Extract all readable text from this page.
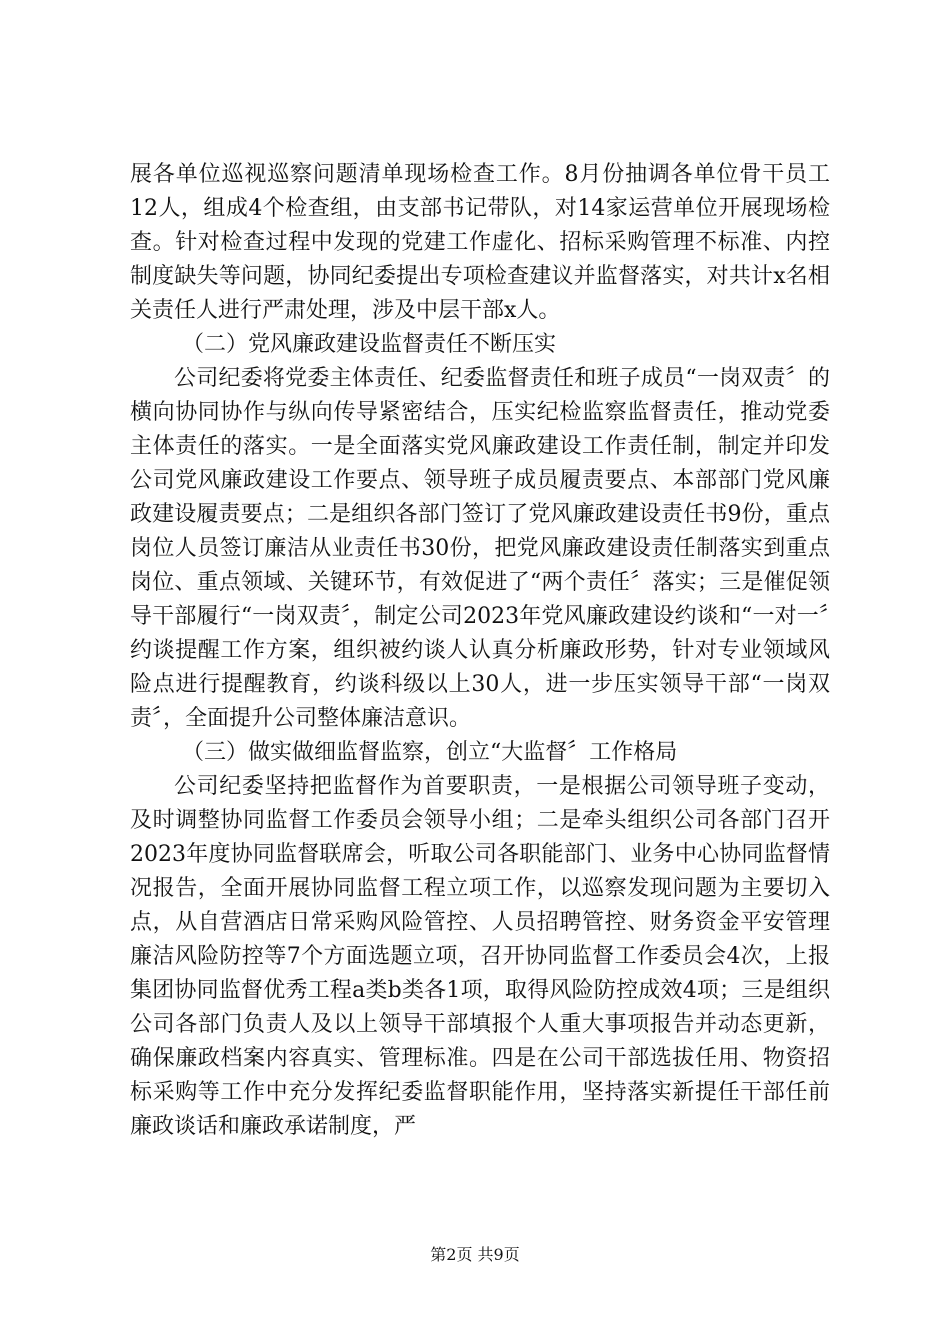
展各单位巡视巡察问题清单现场检查工作。8月份抽调各单位骨干员工12人，组成4个检查组，由支部书记带队，对14家运营单位开展现场检查。针对检查过程中发现的党建工作虚化、招标采购管理不标准、内控制度缺失等问题，协同纪委提出专项检查建议并监督落实，对共计x名相关责任人进行严肃处理，涉及中层干部x人。

（二）党风廉政建设监督责任不断压实

公司纪委将党委主体责任、纪委监督责任和班子成员“一岗双责〞的横向协同协作与纵向传导紧密结合，压实纪检监察监督责任，推动党委主体责任的落实。一是全面落实党风廉政建设工作责任制，制定并印发公司党风廉政建设工作要点、领导班子成员履责要点、本部部门党风廉政建设履责要点；二是组织各部门签订了党风廉政建设责任书9份，重点岗位人员签订廉洁从业责任书30份，把党风廉政建设责任制落实到重点岗位、重点领域、关键环节，有效促进了“两个责任〞落实；三是催促领导干部履行“一岗双责〞，制定公司2023年党风廉政建设约谈和“一对一〞约谈提醒工作方案，组织被约谈人认真分析廉政形势，针对专业领域风险点进行提醒教育，约谈科级以上30人，进一步压实领导干部“一岗双责〞，全面提升公司整体廉洁意识。

（三）做实做细监督监察，创立“大监督〞工作格局

公司纪委坚持把监督作为首要职责，一是根据公司领导班子变动，及时调整协同监督工作委员会领导小组；二是牵头组织公司各部门召开2023年度协同监督联席会，听取公司各职能部门、业务中心协同监督情况报告，全面开展协同监督工程立项工作，以巡察发现问题为主要切入点，从自营酒店日常采购风险管控、人员招聘管控、财务资金平安管理廉洁风险防控等7个方面选题立项，召开协同监督工作委员会4次，上报集团协同监督优秀工程a类b类各1项，取得风险防控成效4项；三是组织公司各部门负责人及以上领导干部填报个人重大事项报告并动态更新，确保廉政档案内容真实、管理标准。四是在公司干部选拔任用、物资招标采购等工作中充分发挥纪委监督职能作用，坚持落实新提任干部任前廉政谈话和廉政承诺制度，严

第2页 共9页
